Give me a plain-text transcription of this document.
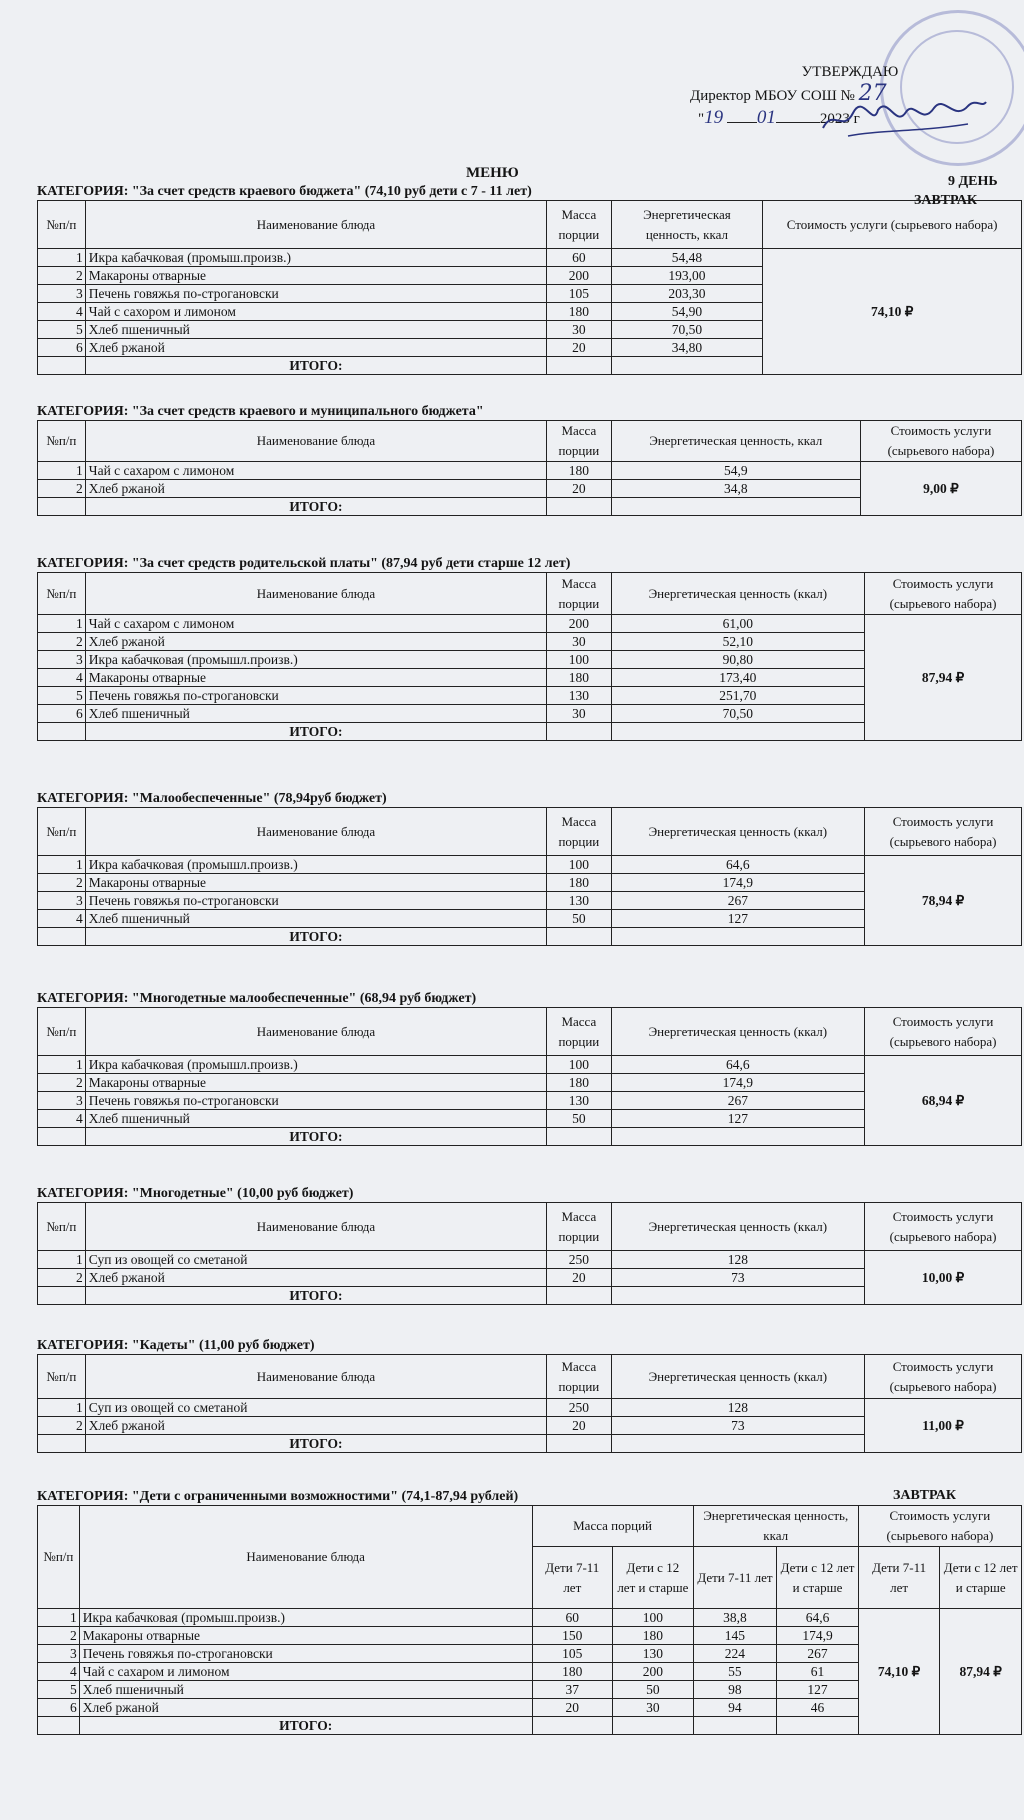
УТВЕРЖДАЮ
Директор МБОУ СОШ № 27
"19 01	2023 г
МЕНЮ
9 ДЕНЬ
ЗАВТРАК
КАТЕГОРИЯ: "За счет средств краевого бюджета" (74,10 руб дети с 7 - 11 лет)
№п/п	Наименование блюда	Масса порции	Энергетическая ценность, ккал	Стоимость услуги (сырьевого набора)
1	Икра кабачковая (промыш.произв.)	60	54,48	74,10 ₽
2	Макароны отварные	200	193,00	
3	Печень говяжья по-строгановски	105	203,30	
4	Чай с сахором и лимоном	180	54,90	
5	Хлеб пшеничный	30	70,50	
6	Хлеб ржаной	20	34,80	
	ИТОГО:			
КАТЕГОРИЯ: "За счет средств краевого и муниципального бюджета"
№п/п	Наименование блюда	Масса порции	Энергетическая ценность, ккал	Стоимость услуги (сырьевого набора)
1	Чай с сахаром с лимоном	180	54,9	9,00 ₽
2	Хлеб ржаной	20	34,8	
	ИТОГО:			
КАТЕГОРИЯ: "За счет средств родительской платы" (87,94 руб дети старше 12 лет)
№п/п	Наименование блюда	Масса порции	Энергетическая ценность (ккал)	Стоимость услуги (сырьевого набора)
1	Чай с сахаром с лимоном	200	61,00	87,94 ₽
2	Хлеб ржаной	30	52,10	
3	Икра кабачковая (промышл.произв.)	100	90,80	
4	Макароны отварные	180	173,40	
5	Печень говяжья по-строгановски	130	251,70	
6	Хлеб пшеничный	30	70,50	
	ИТОГО:			
КАТЕГОРИЯ: "Малообеспеченные" (78,94руб бюджет)
№п/п	Наименование блюда	Масса порции	Энергетическая ценность (ккал)	Стоимость услуги (сырьевого набора)
1	Икра кабачковая (промышл.произв.)	100	64,6	78,94 ₽
2	Макароны отварные	180	174,9	
3	Печень говяжья по-строгановски	130	267	
4	Хлеб пшеничный	50	127	
	ИТОГО:			
КАТЕГОРИЯ: "Многодетные малообеспеченные" (68,94 руб бюджет)
№п/п	Наименование блюда	Масса порции	Энергетическая ценность (ккал)	Стоимость услуги (сырьевого набора)
1	Икра кабачковая (промышл.произв.)	100	64,6	68,94 ₽
2	Макароны отварные	180	174,9	
3	Печень говяжья по-строгановски	130	267	
4	Хлеб пшеничный	50	127	
	ИТОГО:			
КАТЕГОРИЯ: "Многодетные" (10,00 руб бюджет)
№п/п	Наименование блюда	Масса порции	Энергетическая ценность (ккал)	Стоимость услуги (сырьевого набора)
1	Суп из овощей со сметаной	250	128	10,00 ₽
2	Хлеб ржаной	20	73	
	ИТОГО:			
КАТЕГОРИЯ: "Кадеты" (11,00 руб бюджет)
№п/п	Наименование блюда	Масса порции	Энергетическая ценность (ккал)	Стоимость услуги (сырьевого набора)
1	Суп из овощей со сметаной	250	128	11,00 ₽
2	Хлеб ржаной	20	73	
	ИТОГО:			
ЗАВТРАК
КАТЕГОРИЯ: "Дети с ограниченными возможностими" (74,1-87,94 рублей)
№п/п	Наименование блюда	Масса порций		Энергетическая ценность, ккал		Стоимость услуги (сырьевого набора)	
		Дети 7-11 лет	Дети с 12 лет и старше	Дети 7-11 лет	Дети с 12 лет и старше	Дети 7-11 лет	Дети с 12 лет и старше
1	Икра кабачковая (промыш.произв.)	60	100	38,8	64,6	74,10 ₽	87,94 ₽
2	Макароны отварные	150	180	145	174,9		
3	Печень говяжья по-строгановски	105	130	224	267		
4	Чай с сахаром и лимоном	180	200	55	61		
5	Хлеб пшеничный	37	50	98	127		
6	Хлеб ржаной	20	30	94	46		
	ИТОГО:						
